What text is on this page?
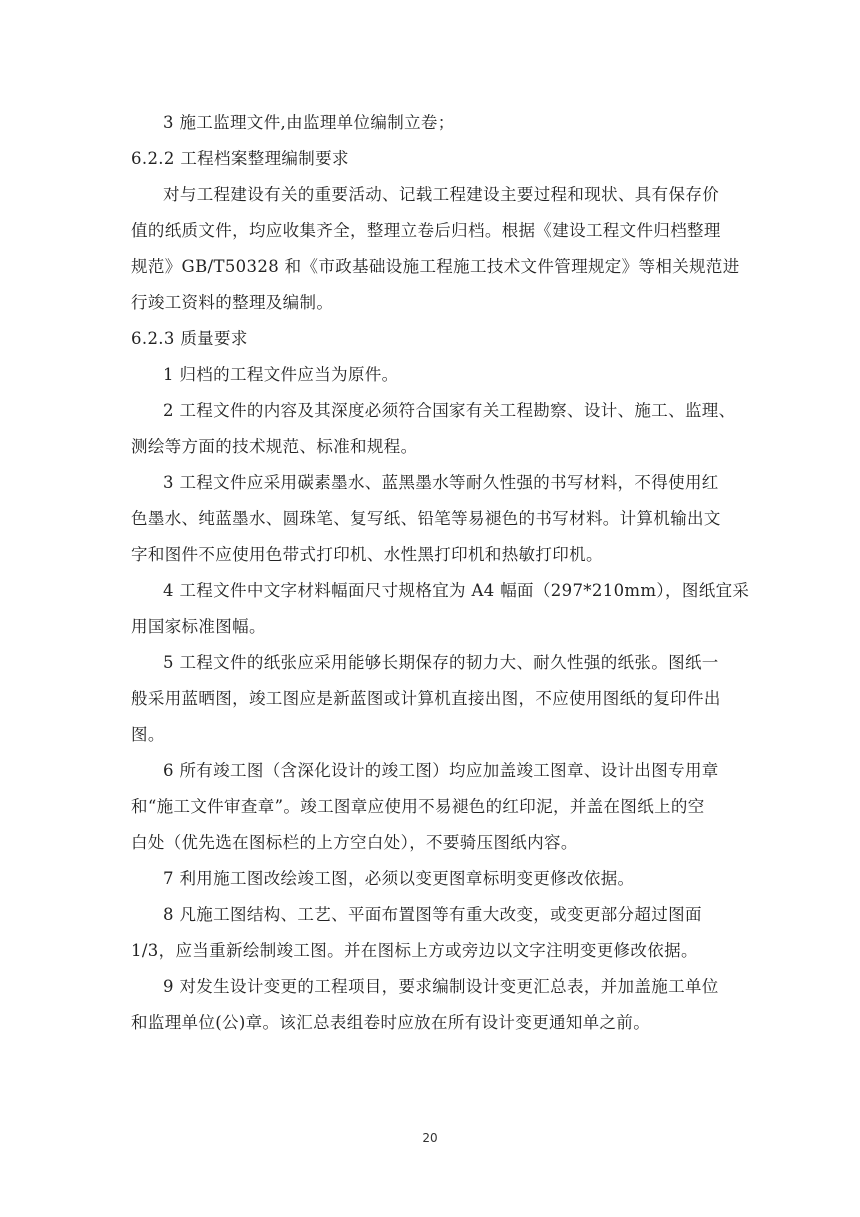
3 施工监理文件,由监理单位编制立卷；
6.2.2 工程档案整理编制要求
对与工程建设有关的重要活动、记载工程建设主要过程和现状、具有保存价
值的纸质文件，均应收集齐全，整理立卷后归档。根据《建设工程文件归档整理
规范》GB/T50328 和《市政基础设施工程施工技术文件管理规定》等相关规范进
行竣工资料的整理及编制。
6.2.3 质量要求
1 归档的工程文件应当为原件。
2 工程文件的内容及其深度必须符合国家有关工程勘察、设计、施工、监理、
测绘等方面的技术规范、标准和规程。
3 工程文件应采用碳素墨水、蓝黑墨水等耐久性强的书写材料，不得使用红
色墨水、纯蓝墨水、圆珠笔、复写纸、铅笔等易褪色的书写材料。计算机输出文
字和图件不应使用色带式打印机、水性黑打印机和热敏打印机。
4 工程文件中文字材料幅面尺寸规格宜为 A4 幅面（297*210mm），图纸宜采
用国家标准图幅。
5 工程文件的纸张应采用能够长期保存的韧力大、耐久性强的纸张。图纸一
般采用蓝晒图，竣工图应是新蓝图或计算机直接出图，不应使用图纸的复印件出
图。
6 所有竣工图（含深化设计的竣工图）均应加盖竣工图章、设计出图专用章
和“施工文件审查章”。竣工图章应使用不易褪色的红印泥，并盖在图纸上的空
白处（优先选在图标栏的上方空白处），不要骑压图纸内容。
7 利用施工图改绘竣工图，必须以变更图章标明变更修改依据。
8 凡施工图结构、工艺、平面布置图等有重大改变，或变更部分超过图面
1/3，应当重新绘制竣工图。并在图标上方或旁边以文字注明变更修改依据。
9 对发生设计变更的工程项目，要求编制设计变更汇总表，并加盖施工单位
和监理单位(公)章。该汇总表组卷时应放在所有设计变更通知单之前。
20
